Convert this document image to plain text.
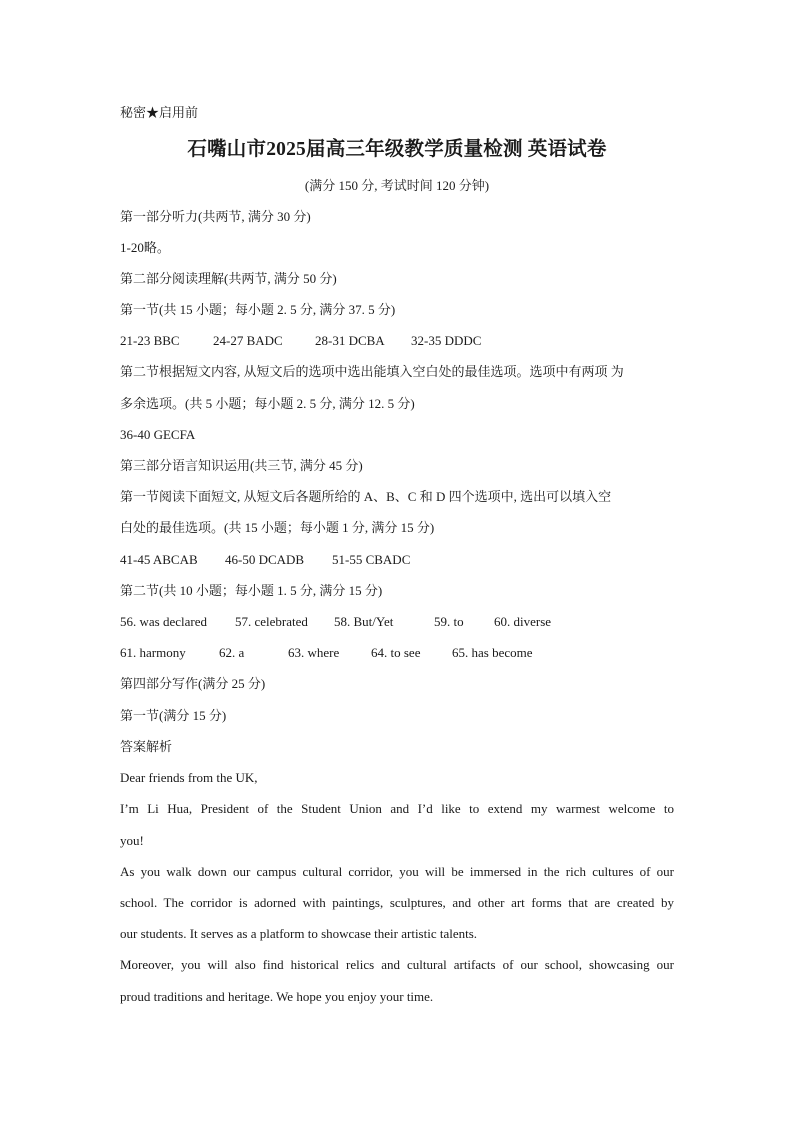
秘密★启用前
石嘴山市2025届高三年级教学质量检测 英语试卷
(满分 150 分, 考试时间 120 分钟)
第一部分听力(共两节, 满分 30 分)
1-20略。
第二部分阅读理解(共两节, 满分 50 分)
第一节(共 15 小题；每小题 2. 5 分, 满分 37. 5 分)
21-23 BBC	24-27 BADC 28-31 DCBA 32-35 DDDC
第二节根据短文内容, 从短文后的选项中选出能填入空白处的最佳选项。选项中有两项 为
多余选项。(共 5 小题；每小题 2. 5 分, 满分 12. 5 分)
36-40 GECFA
第三部分语言知识运用(共三节, 满分 45 分)
第一节阅读下面短文, 从短文后各题所给的 A、B、C 和 D 四个选项中, 选出可以填入空
白处的最佳选项。(共 15 小题；每小题 1 分, 满分 15 分)
41-45 ABCAB 46-50 DCADB 51-55 CBADC
第二节(共 10 小题；每小题 1. 5 分, 满分 15 分)
56. was declared 57. celebrated 58. But/Yet	59. to 60. diverse
61. harmony	62. a	63. where 64. to see 65. has become
第四部分写作(满分 25 分)
第一节(满分 15 分)
答案解析
Dear friends from the UK,
I’m Li Hua, President of the Student Union and I’d like to extend my warmest welcome to
you!
As you walk down our campus cultural corridor, you will be immersed in the rich cultures of our
school. The corridor is adorned with paintings, sculptures, and other art forms that are created by
our students. It serves as a platform to showcase their artistic talents.
Moreover, you will also find historical relics and cultural artifacts of our school, showcasing our
proud traditions and heritage. We hope you enjoy your time.
